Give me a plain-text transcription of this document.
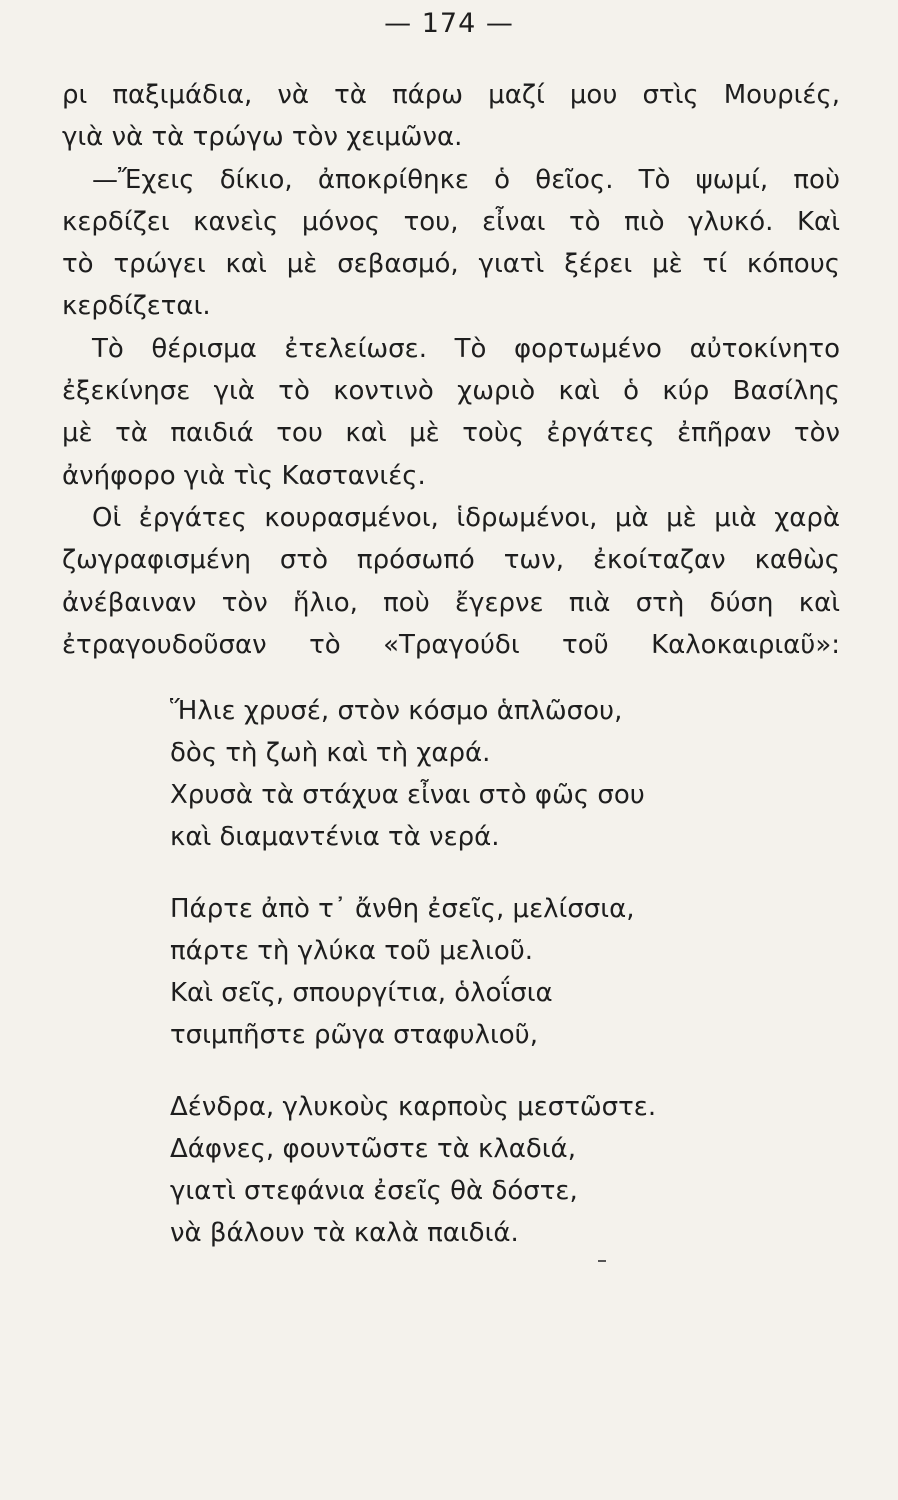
— 174 —
ρι παξιμάδια, νὰ τὰ πάρω μαζί μου στὶς Μουριές,
γιὰ νὰ τὰ τρώγω τὸν χειμῶνα.
—Ἔχεις δίκιο, ἀποκρίθηκε ὁ θεῖος. Τὸ ψωμί, ποὺ
κερδίζει κανεὶς μόνος του, εἶναι τὸ πιὸ γλυκό. Καὶ
τὸ τρώγει καὶ μὲ σεβασμό, γιατὶ ξέρει μὲ τί κόπους
κερδίζεται.
Τὸ θέρισμα ἐτελείωσε. Τὸ φορτωμένο αὐτοκίνητο
ἐξεκίνησε γιὰ τὸ κοντινὸ χωριὸ καὶ ὁ κύρ Βασίλης
μὲ τὰ παιδιά του καὶ μὲ τοὺς ἐργάτες ἐπῆραν τὸν
ἀνήφορο γιὰ τὶς Καστανιές.
Οἱ ἐργάτες κουρασμένοι, ἱδρωμένοι, μὰ μὲ μιὰ χαρὰ
ζωγραφισμένη στὸ πρόσωπό των, ἐκοίταζαν καθὼς
ἀνέβαιναν τὸν ἥλιο, ποὺ ἔγερνε πιὰ στὴ δύση καὶ
ἐτραγουδοῦσαν τὸ «Τραγούδι τοῦ Καλοκαιριαῦ»:
Ἥλιε χρυσέ, στὸν κόσμο ἁπλῶσου,
δὸς τὴ ζωὴ καὶ τὴ χαρά.
Χρυσὰ τὰ στάχυα εἶναι στὸ φῶς σου
καὶ διαμαντένια τὰ νερά.
Πάρτε ἀπὸ τ᾽ ἄνθη ἐσεῖς, μελίσσια,
πάρτε τὴ γλύκα τοῦ μελιοῦ.
Καὶ σεῖς, σπουργίτια, ὁλοΐσια
τσιμπῆστε ρῶγα σταφυλιοῦ,
Δένδρα, γλυκοὺς καρποὺς μεστῶστε.
Δάφνες, φουντῶστε τὰ κλαδιά,
γιατὶ στεφάνια ἐσεῖς θὰ δόστε,
νὰ βάλουν τὰ καλὰ παιδιά.
